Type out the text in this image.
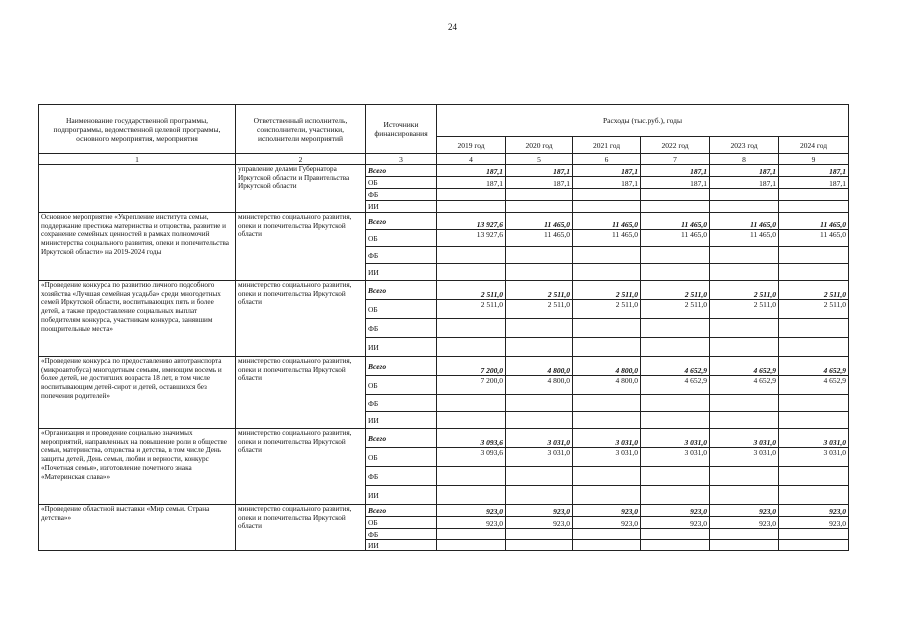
24
Наименование государственной программы, подпрограммы, ведомственной целевой программы, основного мероприятия, мероприятия	Ответственный исполнитель, соисполнители, участники, исполнители мероприятий	Источники финансирования	Расходы (тыс.руб.), годы					
			2019 год	2020 год	2021 год	2022 год	2023 год	2024 год
1	2	3	4	5	6	7	8	9
	управление делами Губернатора Иркутской области и Правительства Иркутской области	Всего	187,1	187,1	187,1	187,1	187,1	187,1
		ОБ	187,1	187,1	187,1	187,1	187,1	187,1
		ФБ						
		ИИ						
Основное мероприятие «Укрепление института семьи, поддержание престижа материнства и отцовства, развитие и сохранение семейных ценностей в рамках полномочий министерства социального развития, опеки и попечительства Иркутской области» на 2019-2024 годы	министерство социального развития, опеки и попечительства Иркутской области	Всего	13 927,6	11 465,0	11 465,0	11 465,0	11 465,0	11 465,0
		ОБ	13 927,6	11 465,0	11 465,0	11 465,0	11 465,0	11 465,0
		ФБ						
		ИИ						
«Проведение конкурса по развитию личного подсобного хозяйства «Лучшая семейная усадьба» среди многодетных семей Иркутской области, воспитывающих пять и более детей, а также предоставление социальных выплат победителям конкурса, участникам конкурса, занявшим поощрительные места»	министерство социального развития, опеки и попечительства Иркутской области	Всего	2 511,0	2 511,0	2 511,0	2 511,0	2 511,0	2 511,0
		ОБ	2 511,0	2 511,0	2 511,0	2 511,0	2 511,0	2 511,0
		ФБ						
		ИИ						
«Проведение конкурса по предоставлению автотранспорта (микроавтобуса) многодетным семьям, имеющим восемь и более детей, не достигших возраста 18 лет, в том числе воспитывающим детей-сирот и детей, оставшихся без попечения родителей»	министерство социального развития, опеки и попечительства Иркутской области	Всего	7 200,0	4 800,0	4 800,0	4 652,9	4 652,9	4 652,9
		ОБ	7 200,0	4 800,0	4 800,0	4 652,9	4 652,9	4 652,9
		ФБ						
		ИИ						
«Организация и проведение социально значимых мероприятий, направленных на повышение роли в обществе семьи, материнства, отцовства и детства, в том числе День защиты детей, День семьи, любви и верности, конкурс «Почетная семья», изготовление почетного знака «Материнская слава»»	министерство социального развития, опеки и попечительства Иркутской области	Всего	3 093,6	3 031,0	3 031,0	3 031,0	3 031,0	3 031,0
		ОБ	3 093,6	3 031,0	3 031,0	3 031,0	3 031,0	3 031,0
		ФБ						
		ИИ						
«Проведение областной выставки «Мир семьи. Страна детства»»	министерство социального развития, опеки и попечительства Иркутской области	Всего	923,0	923,0	923,0	923,0	923,0	923,0
		ОБ	923,0	923,0	923,0	923,0	923,0	923,0
		ФБ						
		ИИ						
